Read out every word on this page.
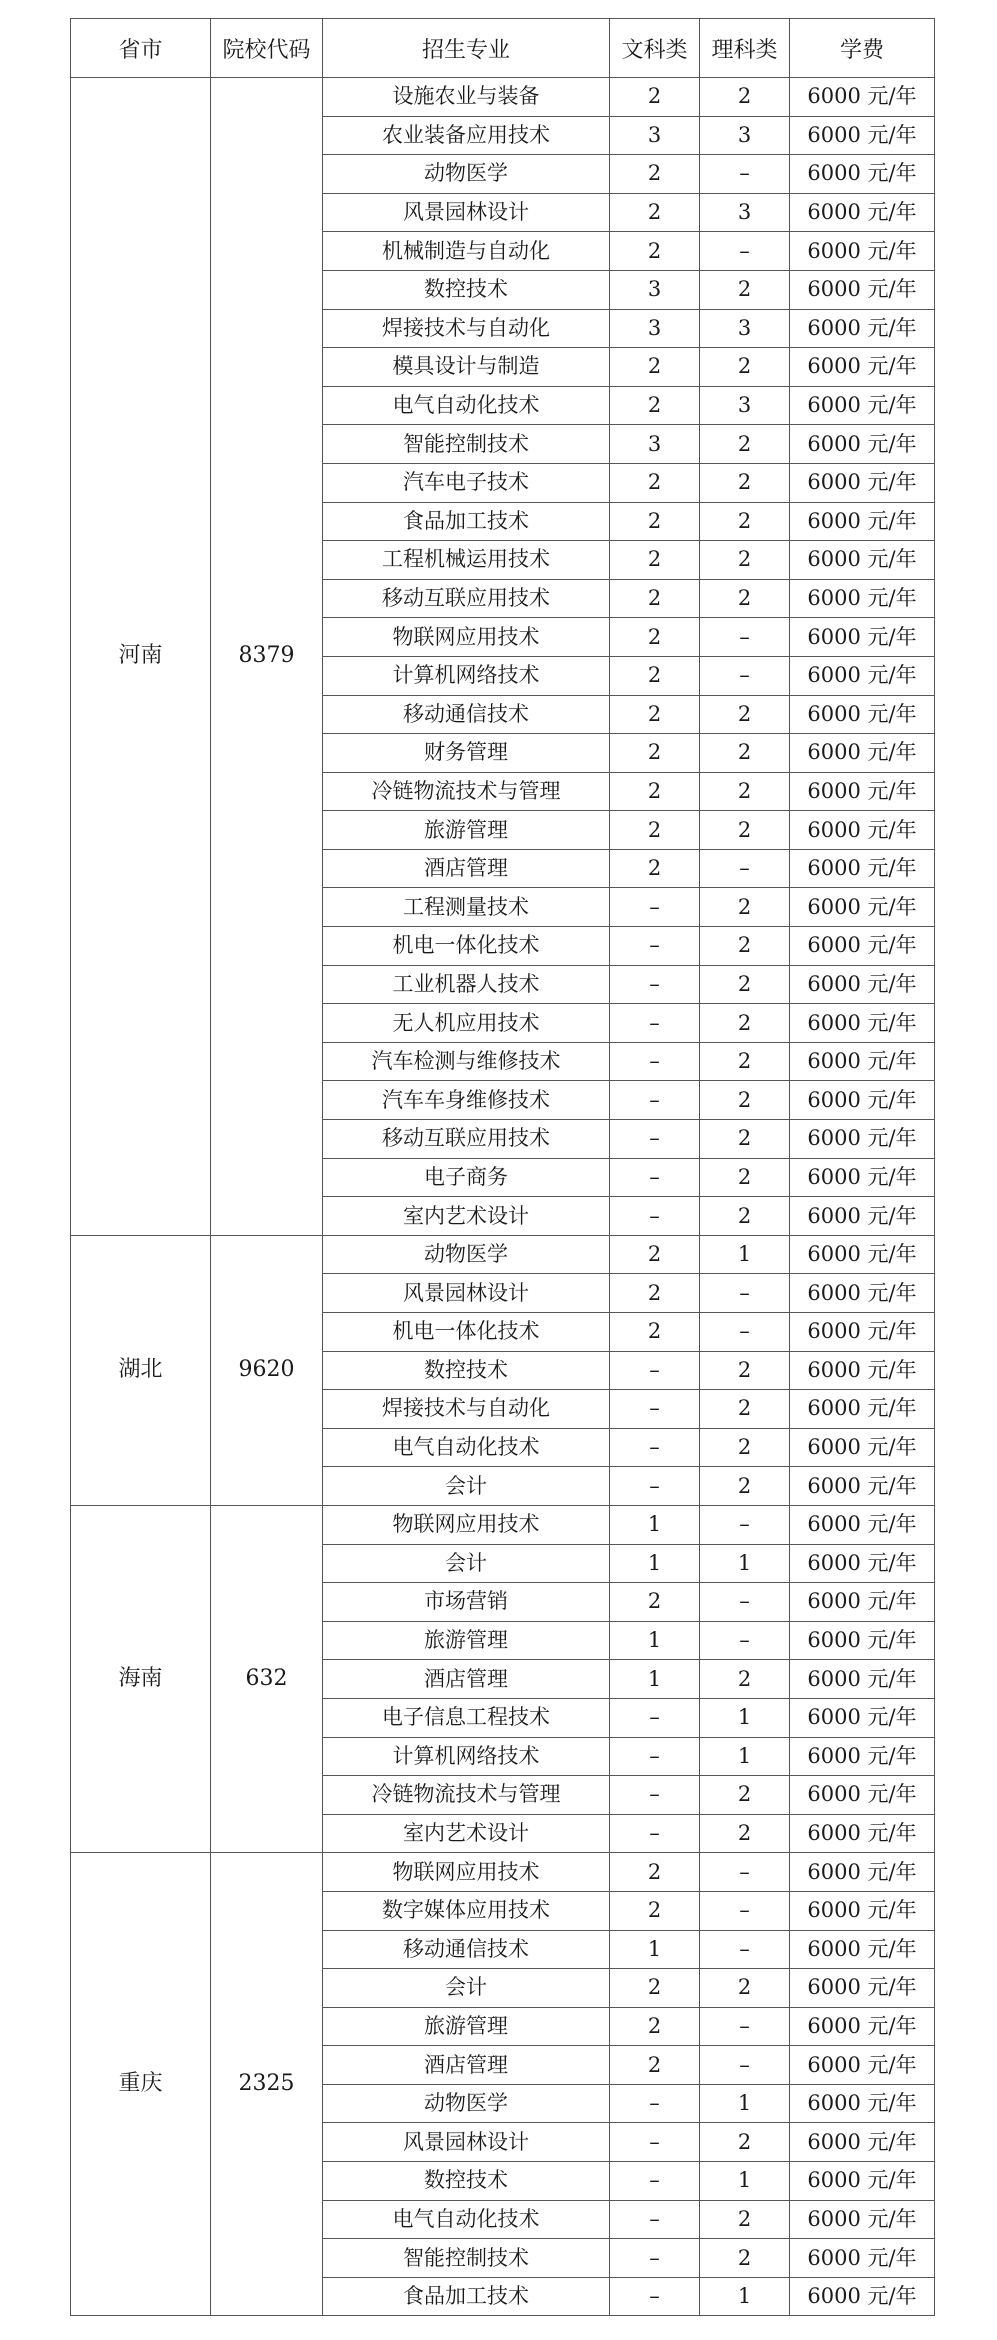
省市	院校代码	招生专业	文科类	理科类	学费
河南	8379	设施农业与装备	2	2	6000 元/年
		农业装备应用技术	3	3	6000 元/年
		动物医学	2	–	6000 元/年
		风景园林设计	2	3	6000 元/年
		机械制造与自动化	2	–	6000 元/年
		数控技术	3	2	6000 元/年
		焊接技术与自动化	3	3	6000 元/年
		模具设计与制造	2	2	6000 元/年
		电气自动化技术	2	3	6000 元/年
		智能控制技术	3	2	6000 元/年
		汽车电子技术	2	2	6000 元/年
		食品加工技术	2	2	6000 元/年
		工程机械运用技术	2	2	6000 元/年
		移动互联应用技术	2	2	6000 元/年
		物联网应用技术	2	–	6000 元/年
		计算机网络技术	2	–	6000 元/年
		移动通信技术	2	2	6000 元/年
		财务管理	2	2	6000 元/年
		冷链物流技术与管理	2	2	6000 元/年
		旅游管理	2	2	6000 元/年
		酒店管理	2	–	6000 元/年
		工程测量技术	–	2	6000 元/年
		机电一体化技术	–	2	6000 元/年
		工业机器人技术	–	2	6000 元/年
		无人机应用技术	–	2	6000 元/年
		汽车检测与维修技术	–	2	6000 元/年
		汽车车身维修技术	–	2	6000 元/年
		移动互联应用技术	–	2	6000 元/年
		电子商务	–	2	6000 元/年
		室内艺术设计	–	2	6000 元/年
湖北	9620	动物医学	2	1	6000 元/年
		风景园林设计	2	–	6000 元/年
		机电一体化技术	2	–	6000 元/年
		数控技术	–	2	6000 元/年
		焊接技术与自动化	–	2	6000 元/年
		电气自动化技术	–	2	6000 元/年
		会计	–	2	6000 元/年
海南	632	物联网应用技术	1	–	6000 元/年
		会计	1	1	6000 元/年
		市场营销	2	–	6000 元/年
		旅游管理	1	–	6000 元/年
		酒店管理	1	2	6000 元/年
		电子信息工程技术	–	1	6000 元/年
		计算机网络技术	–	1	6000 元/年
		冷链物流技术与管理	–	2	6000 元/年
		室内艺术设计	–	2	6000 元/年
重庆	2325	物联网应用技术	2	–	6000 元/年
		数字媒体应用技术	2	–	6000 元/年
		移动通信技术	1	–	6000 元/年
		会计	2	2	6000 元/年
		旅游管理	2	–	6000 元/年
		酒店管理	2	–	6000 元/年
		动物医学	–	1	6000 元/年
		风景园林设计	–	2	6000 元/年
		数控技术	–	1	6000 元/年
		电气自动化技术	–	2	6000 元/年
		智能控制技术	–	2	6000 元/年
		食品加工技术	–	1	6000 元/年
